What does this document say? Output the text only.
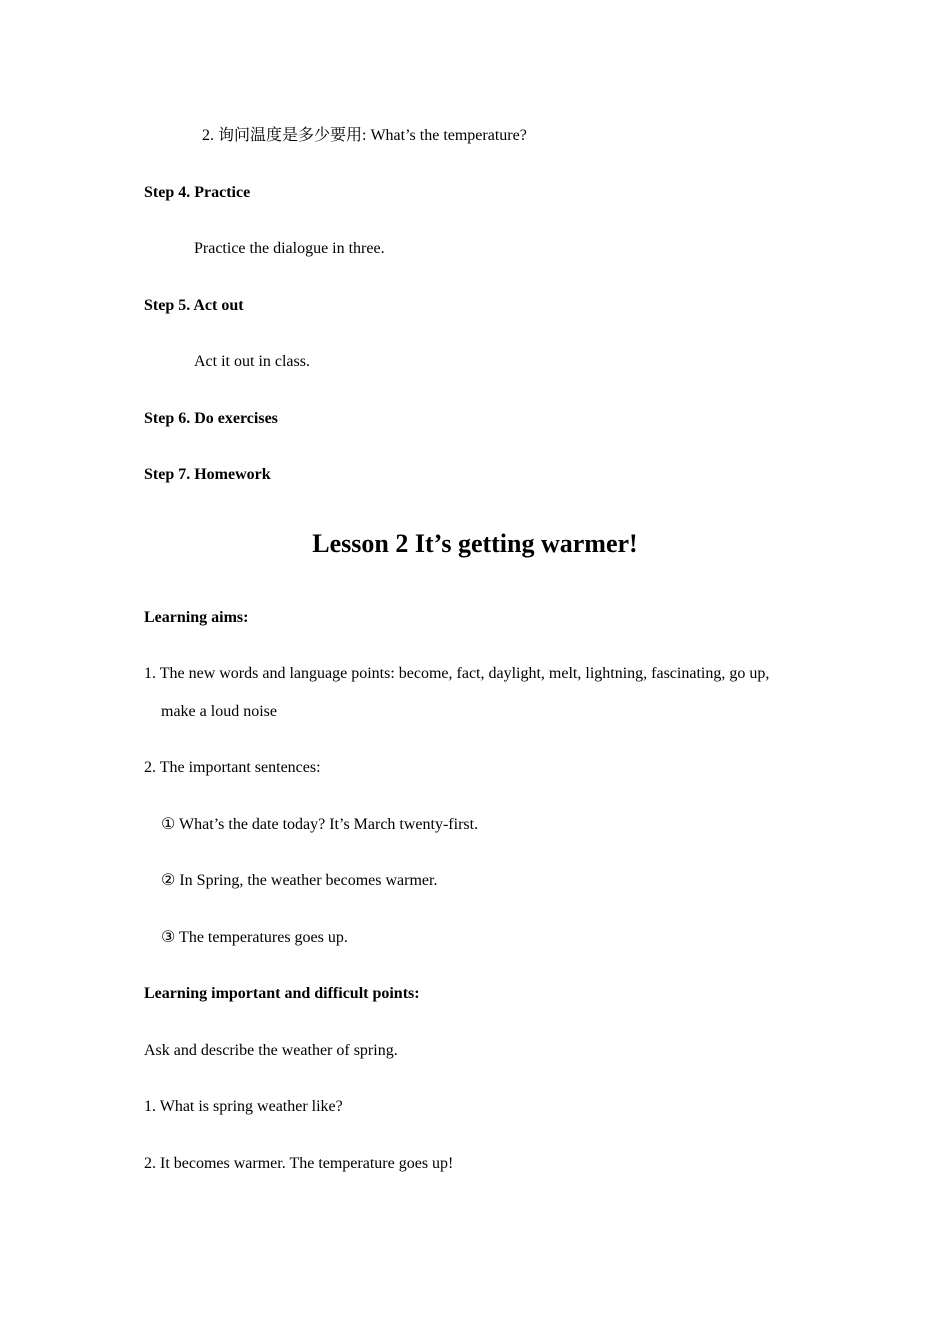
2. 询问温度是多少要用: What’s the temperature?
Step 4. Practice
Practice the dialogue in three.
Step 5. Act out
Act it out in class.
Step 6. Do exercises
Step 7. Homework
Lesson 2 It’s getting warmer!
Learning aims:
1. The new words and language points: become, fact, daylight, melt, lightning, fascinating, go up,
make a loud noise
2. The important sentences:
① What’s the date today? It’s March twenty-first.
② In Spring, the weather becomes warmer.
③ The temperatures goes up.
Learning important and difficult points:
Ask and describe the weather of spring.
1. What is spring weather like?
2. It becomes warmer. The temperature goes up!
